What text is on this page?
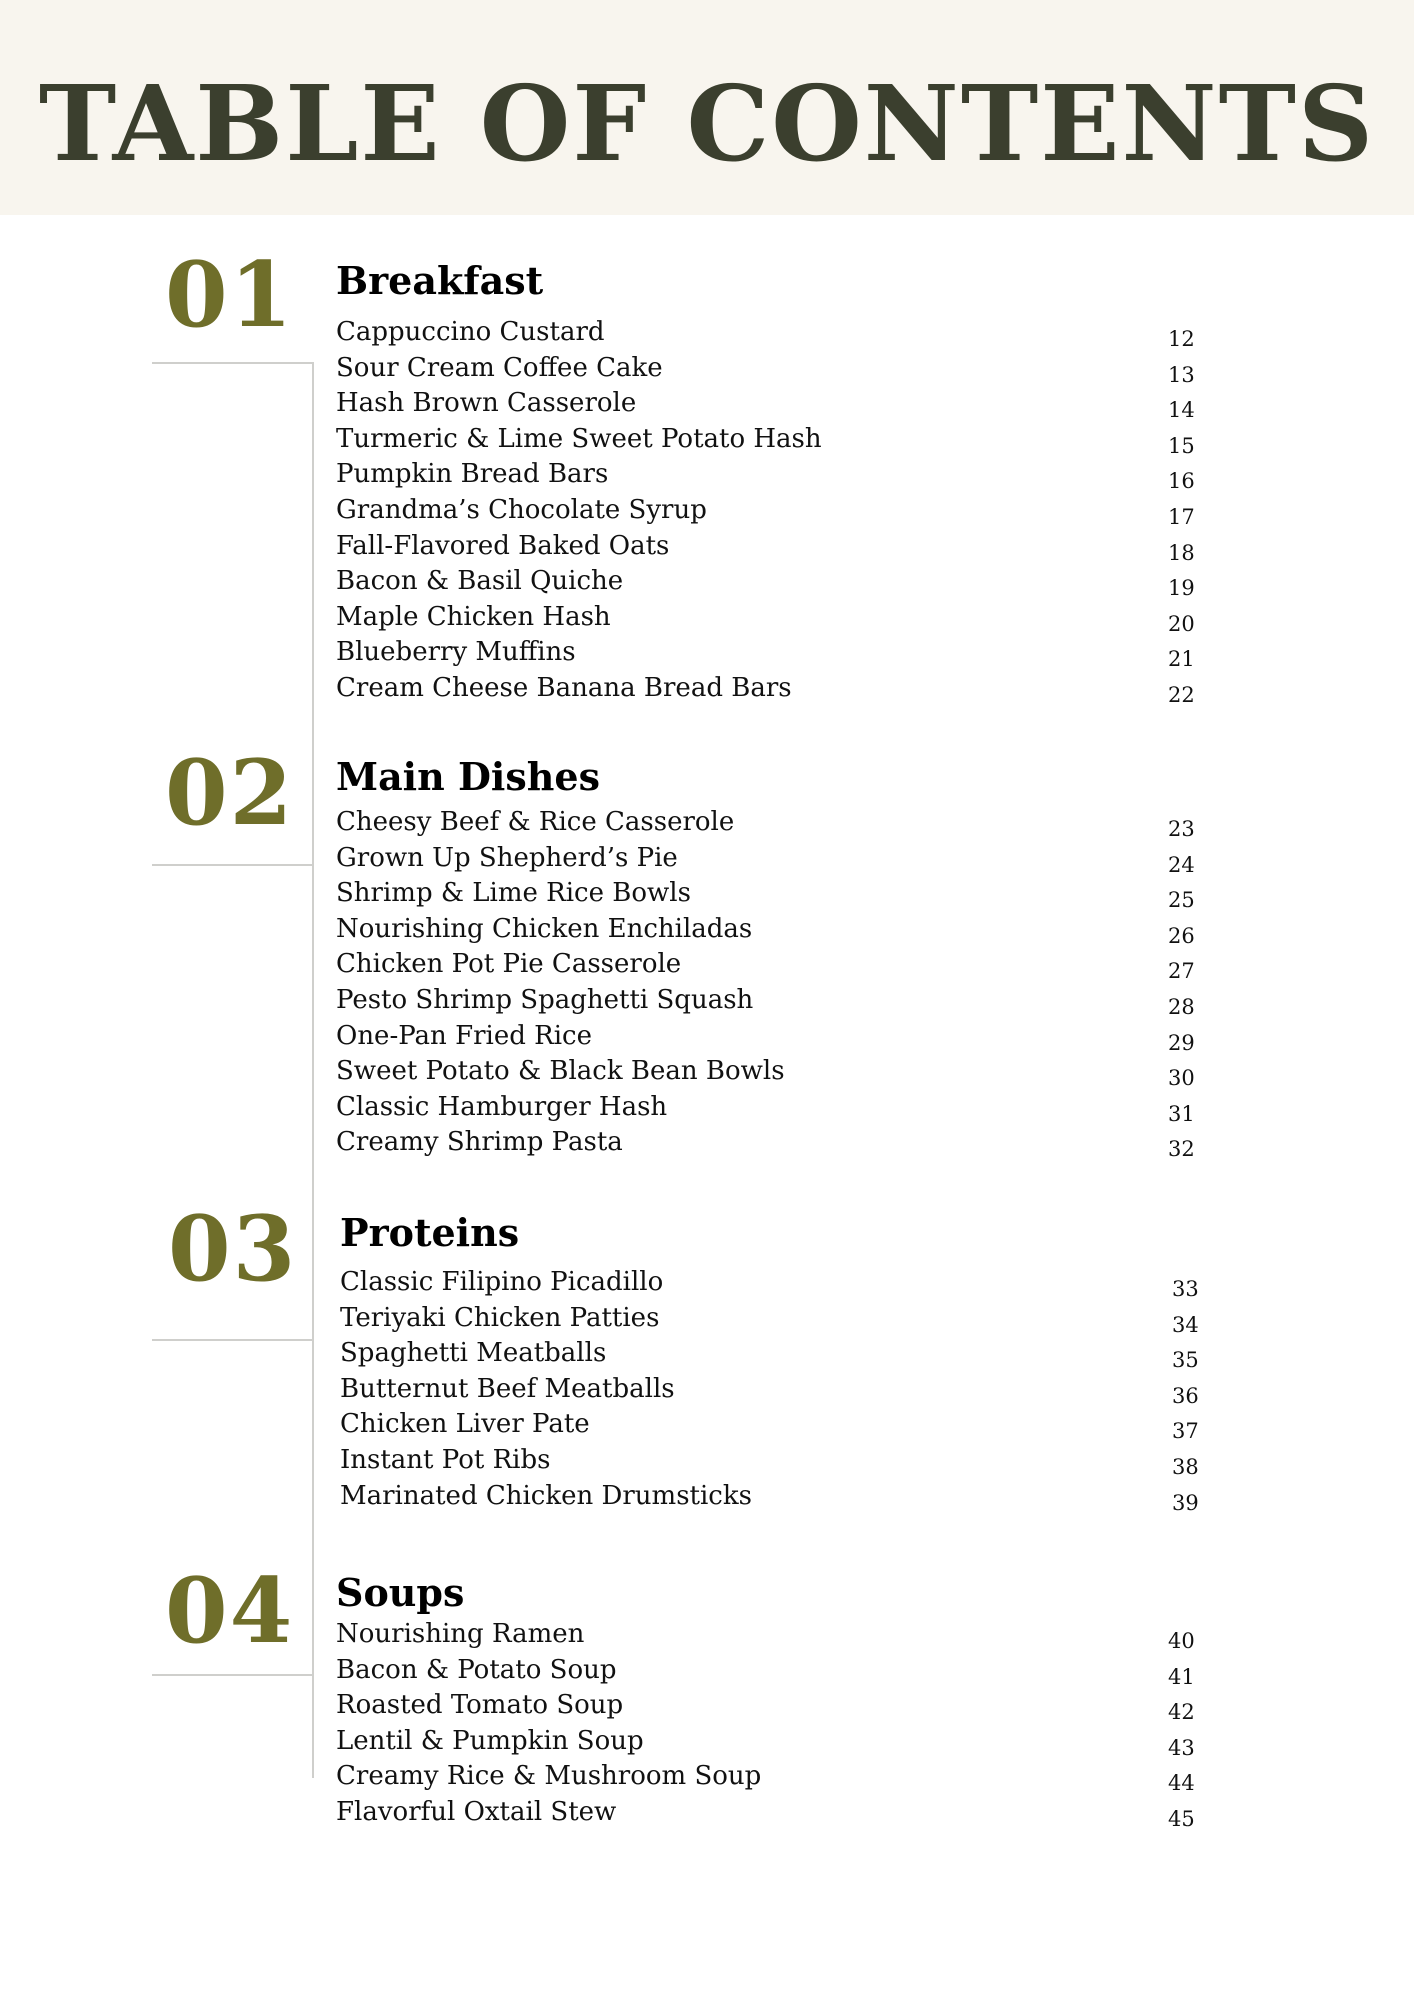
TABLE OF CONTENTS
01 Breakfast
Cappuccino Custard	12
Sour Cream Coffee Cake	13
Hash Brown Casserole	14
Turmeric & Lime Sweet Potato Hash	15
Pumpkin Bread Bars	16
Grandma’s Chocolate Syrup	17
Fall-Flavored Baked Oats	18
Bacon & Basil Quiche	19
Maple Chicken Hash	20
Blueberry Muffins	21
Cream Cheese Banana Bread Bars	22
02 Main Dishes
Cheesy Beef & Rice Casserole	23
Grown Up Shepherd’s Pie	24
Shrimp & Lime Rice Bowls	25
Nourishing Chicken Enchiladas	26
Chicken Pot Pie Casserole	27
Pesto Shrimp Spaghetti Squash	28
One-Pan Fried Rice	29
Sweet Potato & Black Bean Bowls	30
Classic Hamburger Hash	31
Creamy Shrimp Pasta	32
03 Proteins
Classic Filipino Picadillo	33
Teriyaki Chicken Patties	34
Spaghetti Meatballs	35
Butternut Beef Meatballs	36
Chicken Liver Pate	37
Instant Pot Ribs	38
Marinated Chicken Drumsticks	39
04 Soups
Nourishing Ramen	40
Bacon & Potato Soup	41
Roasted Tomato Soup	42
Lentil & Pumpkin Soup	43
Creamy Rice & Mushroom Soup	44
Flavorful Oxtail Stew	45
